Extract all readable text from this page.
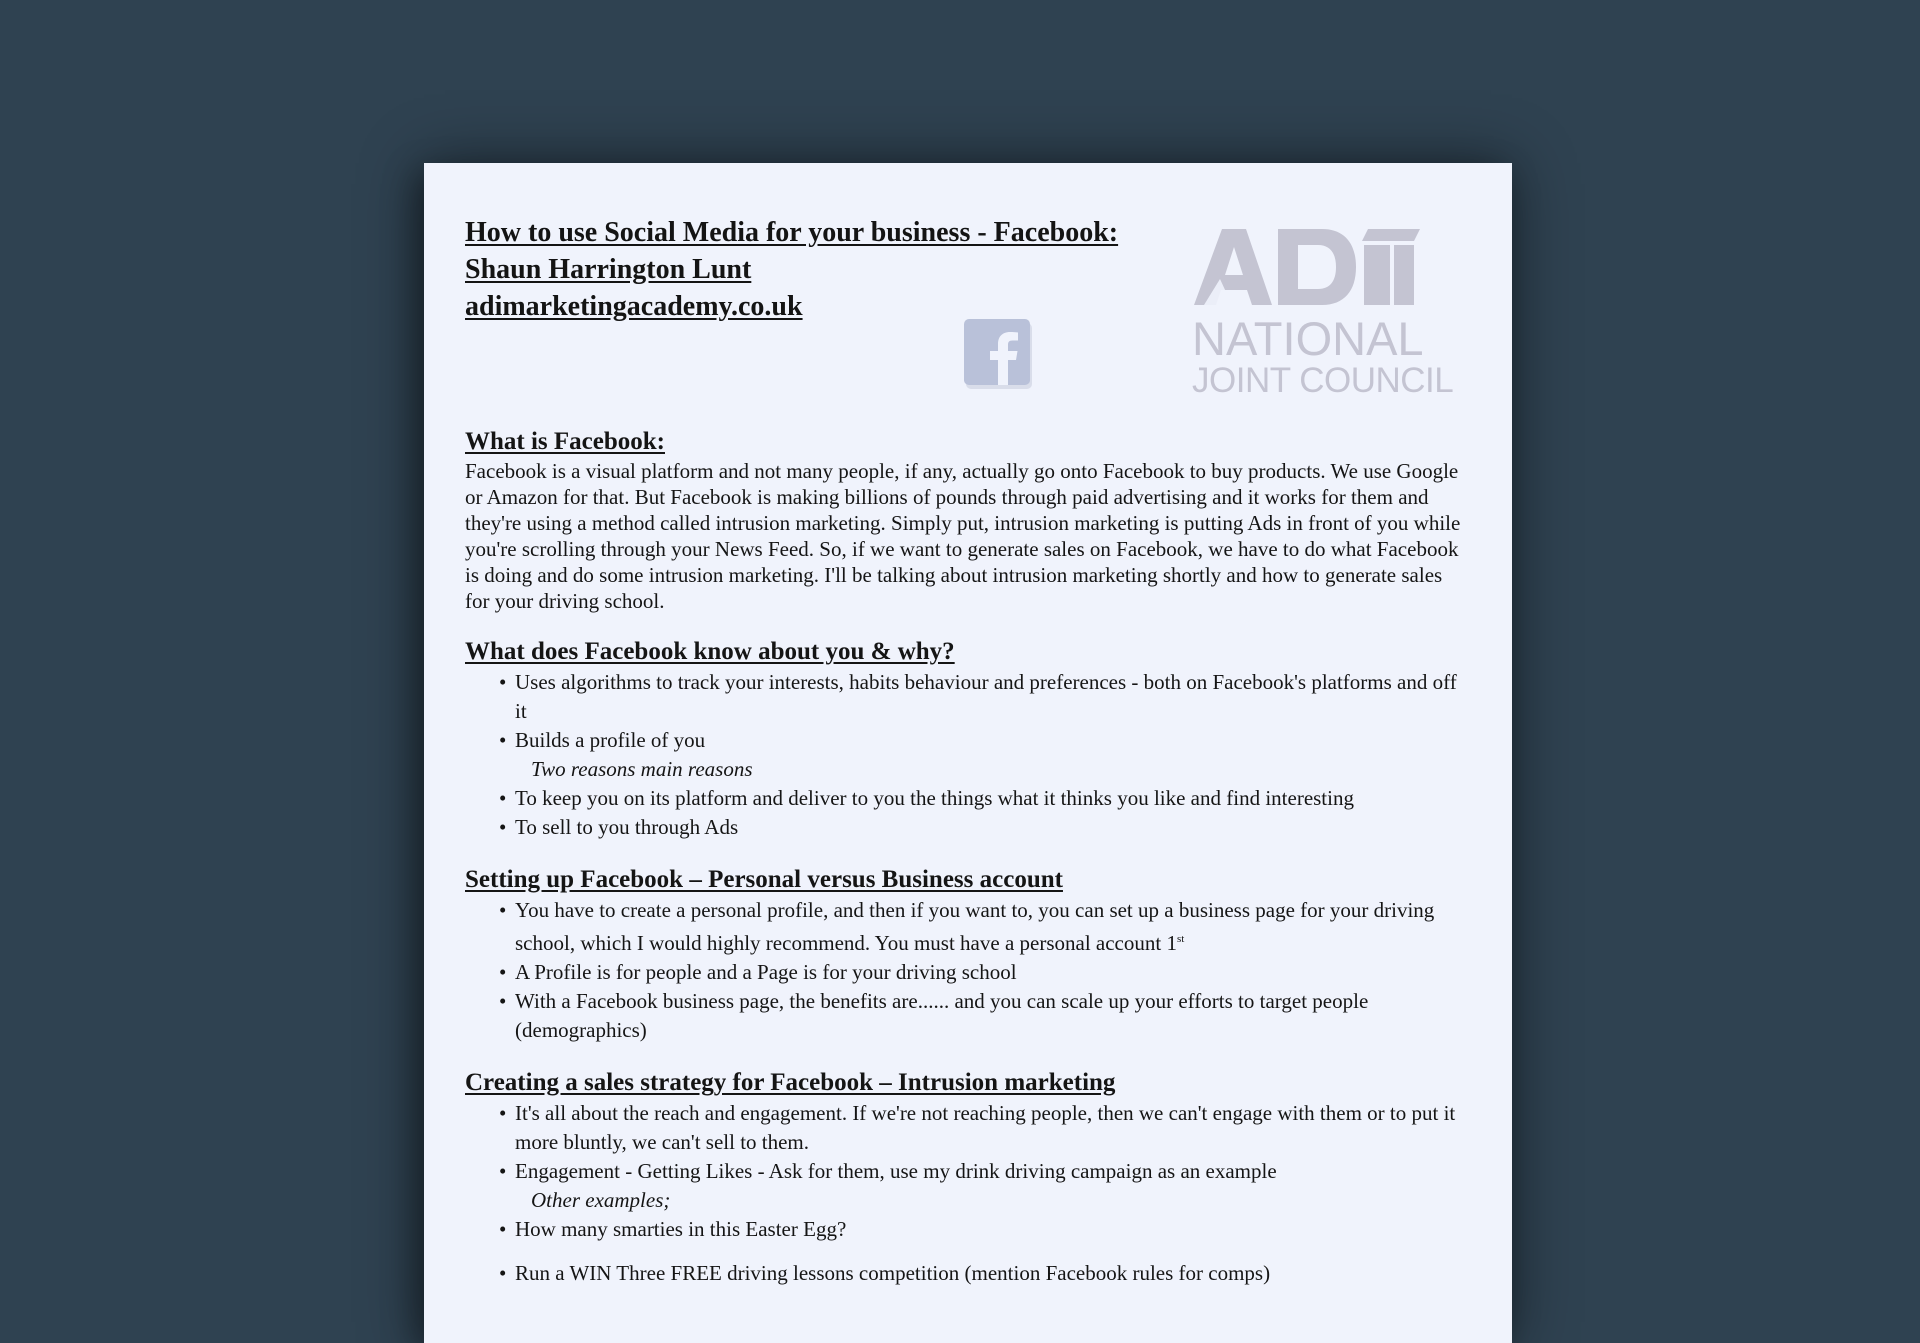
How to use Social Media for your business - Facebook:
Shaun Harrington Lunt
adimarketingacademy.co.uk
NATIONAL
JOINT COUNCIL
What is Facebook:

Facebook is a visual platform and not many people, if any, actually go onto Facebook to buy products. We use Google or Amazon for that. But Facebook is making billions of pounds through paid advertising and it works for them and they're using a method called intrusion marketing. Simply put, intrusion marketing is putting Ads in front of you while you're scrolling through your News Feed. So, if we want to generate sales on Facebook, we have to do what Facebook is doing and do some intrusion marketing. I'll be talking about intrusion marketing shortly and how to generate sales for your driving school.

What does Facebook know about you & why?
• Uses algorithms to track your interests, habits behaviour and preferences - both on Facebook's platforms and off it
• Builds a profile of you
Two reasons main reasons
• To keep you on its platform and deliver to you the things what it thinks you like and find interesting
• To sell to you through Ads
Setting up Facebook – Personal versus Business account
• You have to create a personal profile, and then if you want to, you can set up a business page for your driving school, which I would highly recommend. You must have a personal account 1st
• A Profile is for people and a Page is for your driving school
• With a Facebook business page, the benefits are...... and you can scale up your efforts to target people (demographics)
Creating a sales strategy for Facebook – Intrusion marketing
• It's all about the reach and engagement. If we're not reaching people, then we can't engage with them or to put it more bluntly, we can't sell to them.
• Engagement - Getting Likes - Ask for them, use my drink driving campaign as an example
Other examples;
• How many smarties in this Easter Egg?
• Run a WIN Three FREE driving lessons competition (mention Facebook rules for comps)
